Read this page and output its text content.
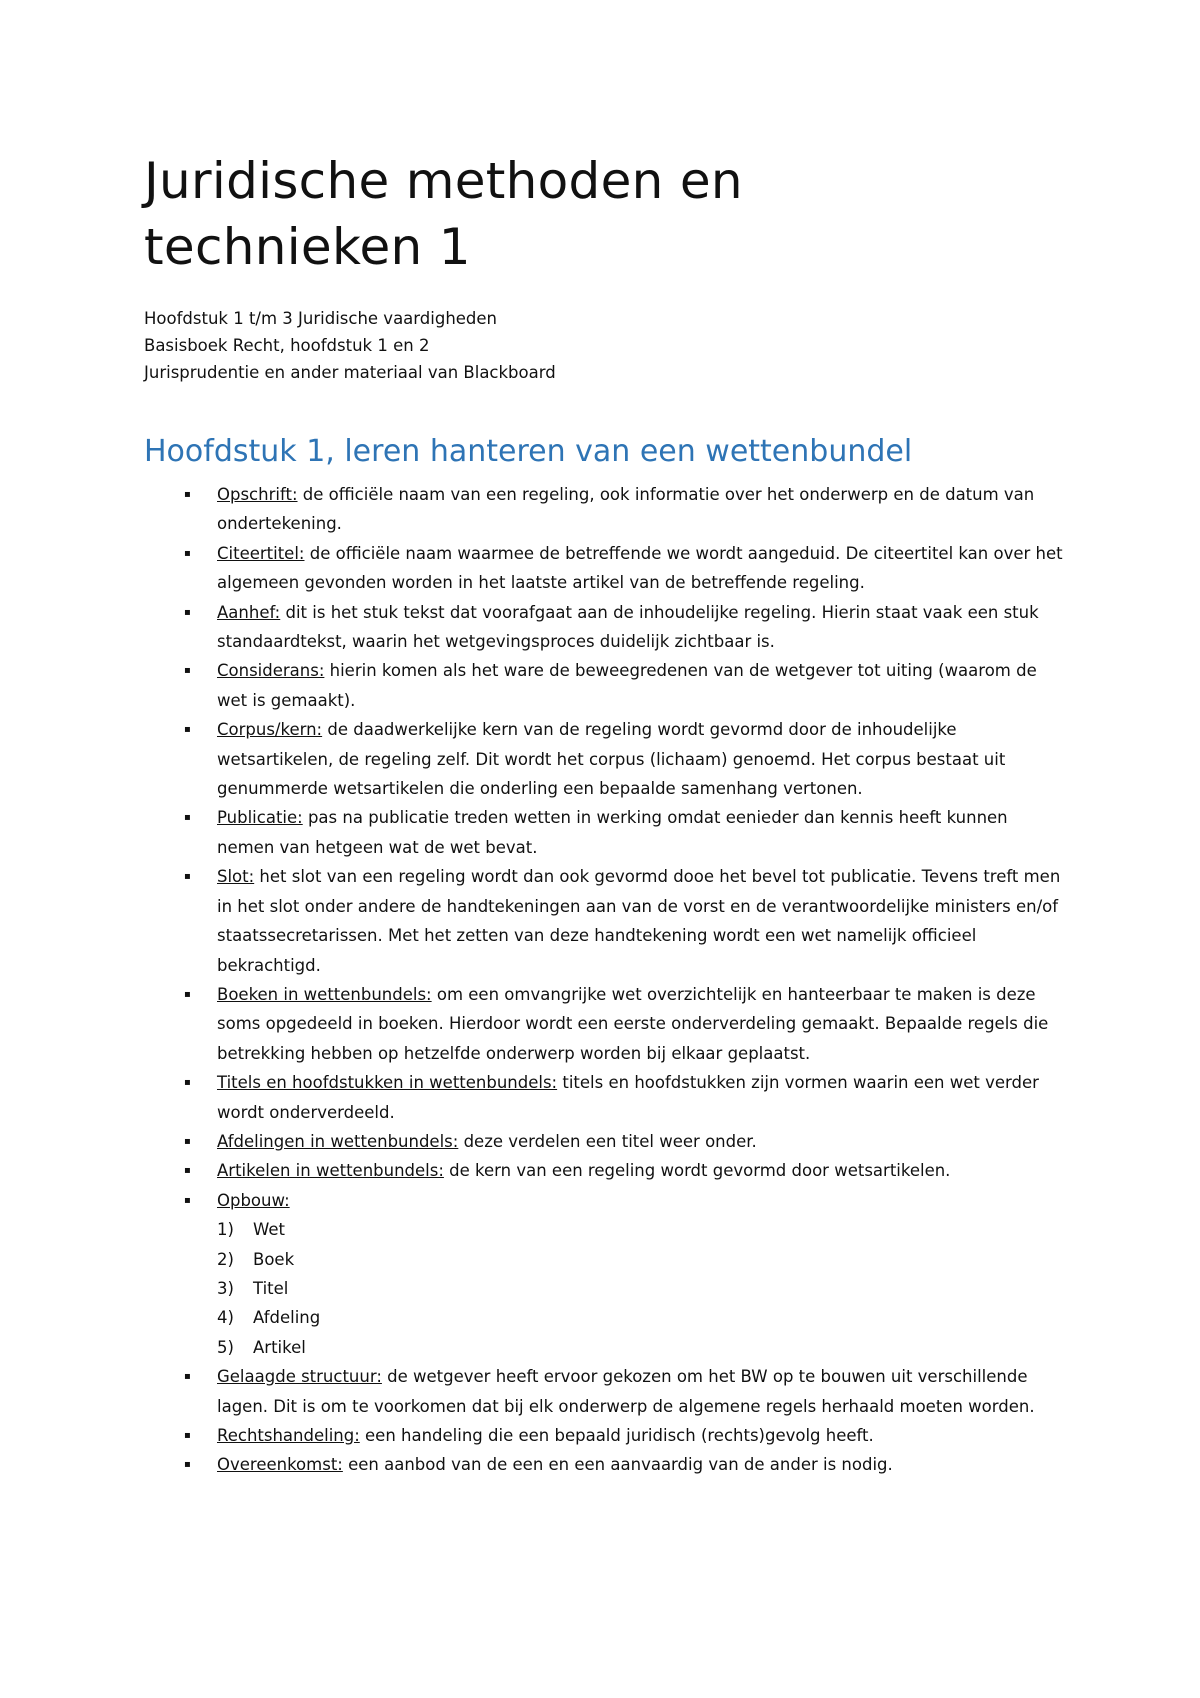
Juridische methoden en
technieken 1
Hoofdstuk 1 t/m 3 Juridische vaardigheden
Basisboek Recht, hoofdstuk 1 en 2
Jurisprudentie en ander materiaal van Blackboard
Hoofdstuk 1, leren hanteren van een wettenbundel
▪ Opschrift: de officiële naam van een regeling, ook informatie over het onderwerp en de datum van ondertekening.
▪ Citeertitel: de officiële naam waarmee de betreffende we wordt aangeduid. De citeertitel kan over het algemeen gevonden worden in het laatste artikel van de betreffende regeling.
▪ Aanhef: dit is het stuk tekst dat voorafgaat aan de inhoudelijke regeling. Hierin staat vaak een stuk standaardtekst, waarin het wetgevingsproces duidelijk zichtbaar is.
▪ Considerans: hierin komen als het ware de beweegredenen van de wetgever tot uiting (waarom de wet is gemaakt).
▪ Corpus/kern: de daadwerkelijke kern van de regeling wordt gevormd door de inhoudelijke wetsartikelen, de regeling zelf. Dit wordt het corpus (lichaam) genoemd. Het corpus bestaat uit genummerde wetsartikelen die onderling een bepaalde samenhang vertonen.
▪ Publicatie: pas na publicatie treden wetten in werking omdat eenieder dan kennis heeft kunnen nemen van hetgeen wat de wet bevat.
▪ Slot: het slot van een regeling wordt dan ook gevormd dooe het bevel tot publicatie. Tevens treft men in het slot onder andere de handtekeningen aan van de vorst en de verantwoordelijke ministers en/of staatssecretarissen. Met het zetten van deze handtekening wordt een wet namelijk officieel bekrachtigd.
▪ Boeken in wettenbundels: om een omvangrijke wet overzichtelijk en hanteerbaar te maken is deze soms opgedeeld in boeken. Hierdoor wordt een eerste onderverdeling gemaakt. Bepaalde regels die betrekking hebben op hetzelfde onderwerp worden bij elkaar geplaatst.
▪ Titels en hoofdstukken in wettenbundels: titels en hoofdstukken zijn vormen waarin een wet verder wordt onderverdeeld.
▪ Afdelingen in wettenbundels: deze verdelen een titel weer onder.
▪ Artikelen in wettenbundels: de kern van een regeling wordt gevormd door wetsartikelen.
▪ Opbouw:
1) Wet
2) Boek
3) Titel
4) Afdeling
5) Artikel
▪ Gelaagde structuur: de wetgever heeft ervoor gekozen om het BW op te bouwen uit verschillende lagen. Dit is om te voorkomen dat bij elk onderwerp de algemene regels herhaald moeten worden.
▪ Rechtshandeling: een handeling die een bepaald juridisch (rechts)gevolg heeft.
▪ Overeenkomst: een aanbod van de een en een aanvaardig van de ander is nodig.
